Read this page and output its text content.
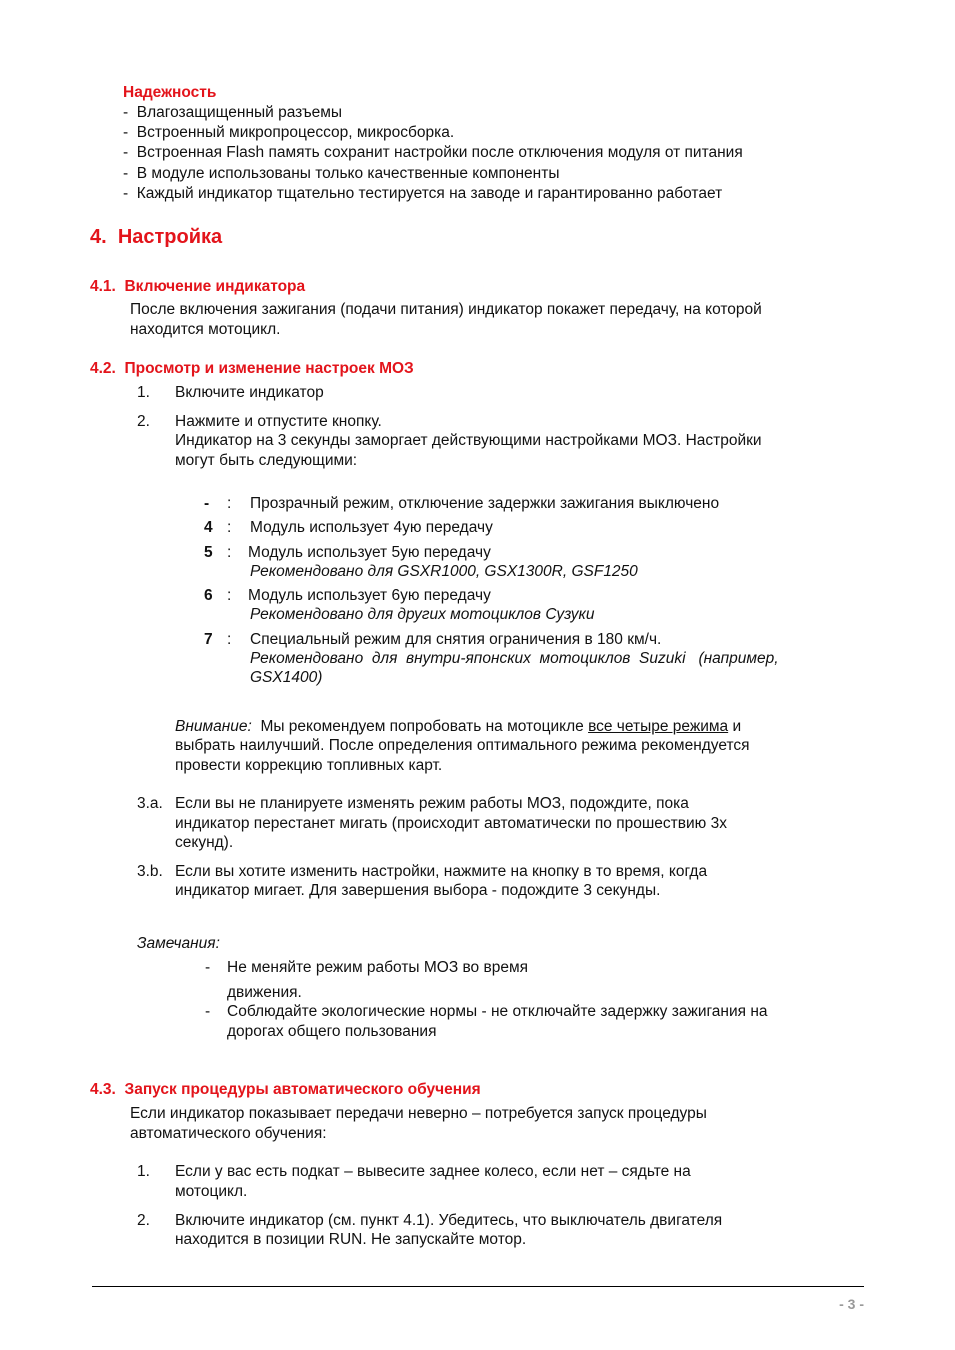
Надежность
-  Влагозащищенный разъемы
-  Встроенный микропроцессор, микросборка.
-  Встроенная Flash память сохранит настройки после отключения модуля от питания
-  В модуле использованы только качественные компоненты
-  Каждый индикатор тщательно тестируется на заводе и гарантированно работает
4. Настройка
4.1. Включение индикатора
После включения зажигания (подачи питания) индикатор покажет передачу, на которой
находится мотоцикл.
4.2. Просмотр и изменение настроек МОЗ
1. Включите индикатор
2. Нажмите и отпустите кнопку.
Индикатор на 3 секунды заморгает действующими настройками МОЗ. Настройки
могут быть следующими:
- : Прозрачный режим, отключение задержки зажигания выключено
4 : Модуль использует 4ую передачу
5 : Модуль использует 5ую передачу
Рекомендовано для GSXR1000, GSX1300R, GSF1250
6 : Модуль использует 6ую передачу
Рекомендовано для других мотоциклов Сузуки
7 : Специальный режим для снятия ограничения в 180 км/ч.
Рекомендовано  для  внутри-японских  мотоциклов  Suzuki   (например,
GSX1400)
Внимание: Мы рекомендуем попробовать на мотоцикле все четыре режима и
выбрать наилучший. После определения оптимального режима рекомендуется
провести коррекцию топливных карт.
3.a. Если вы не планируете изменять режим работы МОЗ, подождите, пока
индикатор перестанет мигать (происходит автоматически по прошествию 3х
секунд).
3.b. Если вы хотите изменить настройки, нажмите на кнопку в то время, когда
индикатор мигает. Для завершения выбора - подождите 3 секунды.
Замечания:
- Не меняйте режим работы МОЗ во время
движения.
- Соблюдайте экологические нормы - не отключайте задержку зажигания на
дорогах общего пользования
4.3. Запуск процедуры автоматического обучения
Если индикатор показывает передачи неверно – потребуется запуск процедуры
автоматического обучения:
1. Если у вас есть подкат – вывесите заднее колесо, если нет – сядьте на
мотоцикл.
2. Включите индикатор (см. пункт 4.1). Убедитесь, что выключатель двигателя
находится в позиции RUN. Не запускайте мотор.
- 3 -
